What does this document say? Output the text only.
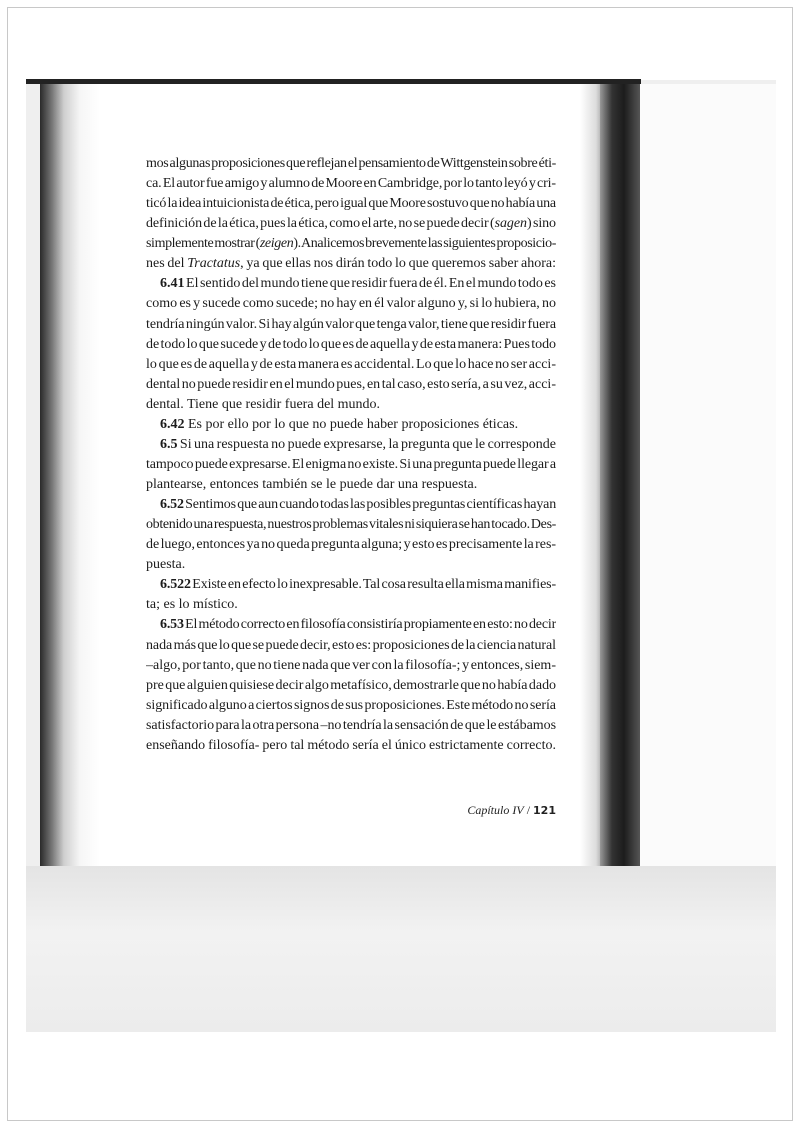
mos algunas proposiciones que reflejan el pensamiento de Wittgenstein sobre éti-
ca. El autor fue amigo y alumno de Moore en Cambridge, por lo tanto leyó y cri-
ticó la idea intuicionista de ética, pero igual que Moore sostuvo que no había una
definición de la ética, pues la ética, como el arte, no se puede decir (sagen) sino
simplemente mostrar (zeigen). Analicemos brevemente las siguientes proposicio-
nes del Tractatus, ya que ellas nos dirán todo lo que queremos saber ahora:
6.41 El sentido del mundo tiene que residir fuera de él. En el mundo todo es
como es y sucede como sucede; no hay en él valor alguno y, si lo hubiera, no
tendría ningún valor. Si hay algún valor que tenga valor, tiene que residir fuera
de todo lo que sucede y de todo lo que es de aquella y de esta manera: Pues todo
lo que es de aquella y de esta manera es accidental. Lo que lo hace no ser acci-
dental no puede residir en el mundo pues, en tal caso, esto sería, a su vez, acci-
dental. Tiene que residir fuera del mundo.
6.42 Es por ello por lo que no puede haber proposiciones éticas.
6.5 Si una respuesta no puede expresarse, la pregunta que le corresponde
tampoco puede expresarse. El enigma no existe. Si una pregunta puede llegar a
plantearse, entonces también se le puede dar una respuesta.
6.52 Sentimos que aun cuando todas las posibles preguntas científicas hayan
obtenido una respuesta, nuestros problemas vitales ni siquiera se han tocado. Des-
de luego, entonces ya no queda pregunta alguna; y esto es precisamente la res-
puesta.
6.522 Existe en efecto lo inexpresable. Tal cosa resulta ella misma manifies-
ta; es lo místico.
6.53 El método correcto en filosofía consistiría propiamente en esto: no decir
nada más que lo que se puede decir, esto es: proposiciones de la ciencia natural
–algo, por tanto, que no tiene nada que ver con la filosofía-; y entonces, siem-
pre que alguien quisiese decir algo metafísico, demostrarle que no había dado
significado alguno a ciertos signos de sus proposiciones. Este método no sería
satisfactorio para la otra persona –no tendría la sensación de que le estábamos
enseñando filosofía- pero tal método sería el único estrictamente correcto.
Capítulo IV / 121
